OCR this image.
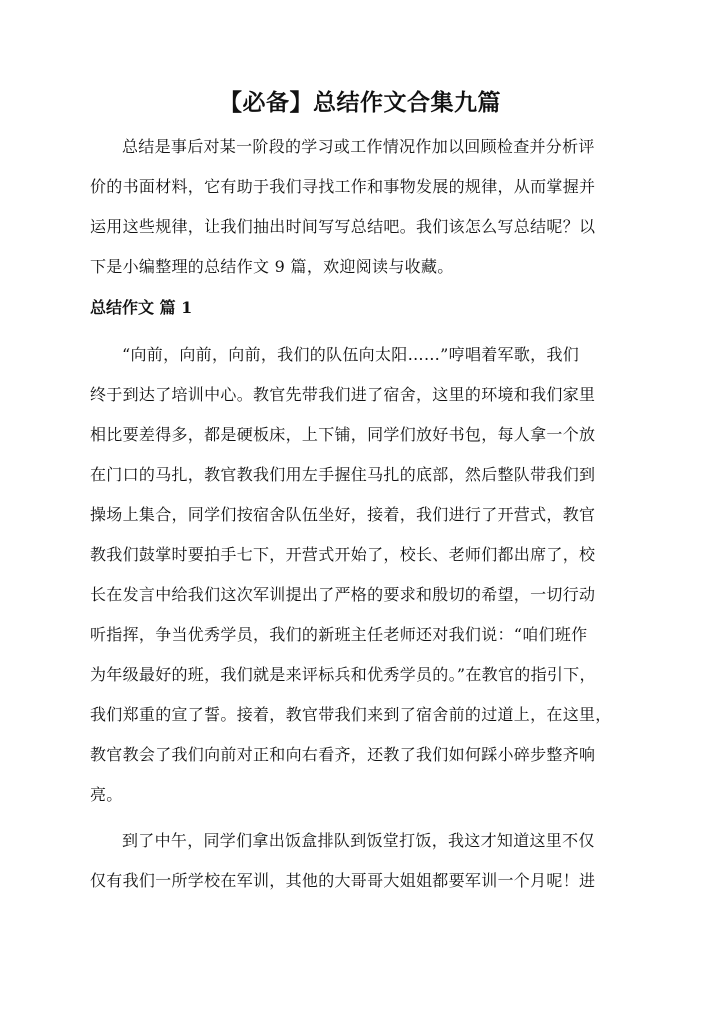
【必备】总结作文合集九篇
总结是事后对某一阶段的学习或工作情况作加以回顾检查并分析评
价的书面材料，它有助于我们寻找工作和事物发展的规律，从而掌握并
运用这些规律，让我们抽出时间写写总结吧。我们该怎么写总结呢？以
下是小编整理的总结作文 9 篇，欢迎阅读与收藏。
总结作文 篇 1
“向前，向前，向前，我们的队伍向太阳……”哼唱着军歌，我们
终于到达了培训中心。教官先带我们进了宿舍，这里的环境和我们家里
相比要差得多，都是硬板床，上下铺，同学们放好书包，每人拿一个放
在门口的马扎，教官教我们用左手握住马扎的底部，然后整队带我们到
操场上集合，同学们按宿舍队伍坐好，接着，我们进行了开营式，教官
教我们鼓掌时要拍手七下，开营式开始了，校长、老师们都出席了，校
长在发言中给我们这次军训提出了严格的要求和殷切的希望，一切行动
听指挥，争当优秀学员，我们的新班主任老师还对我们说：“咱们班作
为年级最好的班，我们就是来评标兵和优秀学员的。”在教官的指引下，
我们郑重的宣了誓。接着，教官带我们来到了宿舍前的过道上，在这里，
教官教会了我们向前对正和向右看齐，还教了我们如何踩小碎步整齐响
亮。
到了中午，同学们拿出饭盒排队到饭堂打饭，我这才知道这里不仅
仅有我们一所学校在军训，其他的大哥哥大姐姐都要军训一个月呢！进
